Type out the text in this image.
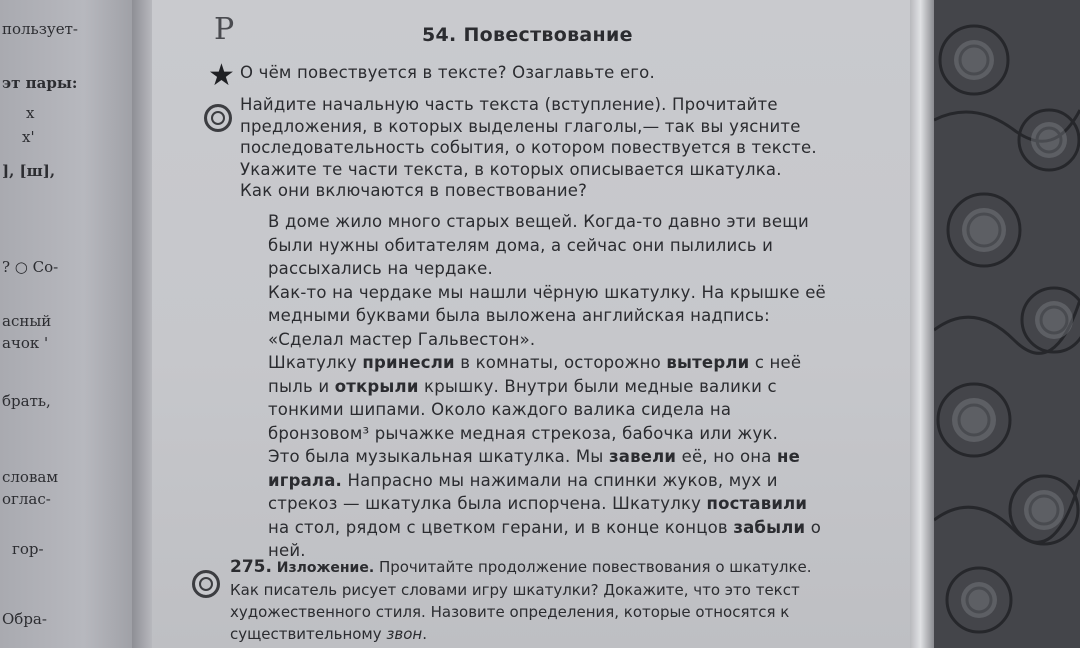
пользует-
эт пары:
х
х'
], [ш],
? ○ Со-
асный
ачок '
брать,
словам
оглас-
гор-
Обра-
Р	54. Повествование
★ О чём повествуется в тексте? Озаглавьте его.
Найдите начальную часть текста (вступление). Прочитайте
предложения, в которых выделены глаголы,— так вы уясните
последовательность события, о котором повествуется в тексте.
Укажите те части текста, в которых описывается шкатулка.
Как они включаются в повествование?

В доме жило много старых вещей. Когда-то давно эти вещи были нужны обитателям дома, а сейчас они пылились и рассыхались на чердаке.

Как-то на чердаке мы нашли чёрную шкатулку. На крышке её медными буквами была выложена английская надпись: «Сделал мастер Гальвестон».

Шкатулку принесли в комнаты, осторожно вытерли с неё пыль и открыли крышку. Внутри были медные валики с тонкими шипами. Около каждого валика сидела на бронзовом³ рычажке медная стрекоза, бабочка или жук.

Это была музыкальная шкатулка. Мы завели её, но она не играла. Напрасно мы нажимали на спинки жуков, мух и стрекоз — шкатулка была испорчена. Шкатулку поставили на стол, рядом с цветком герани, и в конце концов забыли о ней.

275. Изложение. Прочитайте продолжение повествования о шкатулке. Как писатель рисует словами игру шкатулки? Докажите, что это текст художественного стиля. Назовите определения, которые относятся к существительному звон.
